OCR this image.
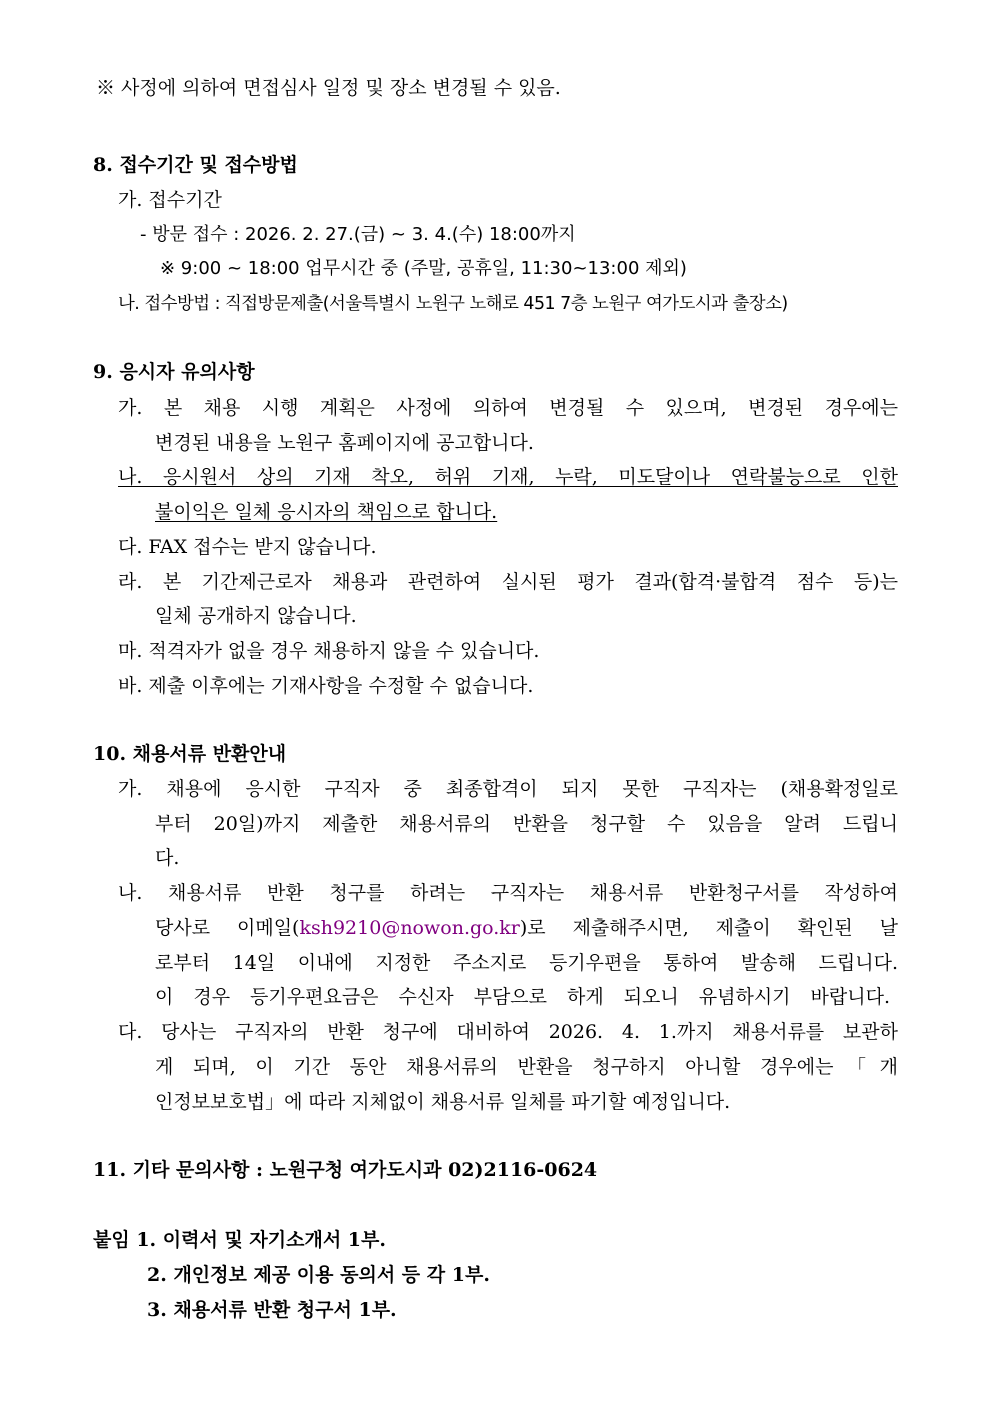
※ 사정에 의하여 면접심사 일정 및 장소 변경될 수 있음.
8. 접수기간 및 접수방법
가. 접수기간
- 방문 접수 : 2026. 2. 27.(금) ~ 3. 4.(수) 18:00까지
※ 9:00 ~ 18:00 업무시간 중 (주말, 공휴일, 11:30~13:00 제외)
나. 접수방법 : 직접방문제출(서울특별시 노원구 노해로 451 7층 노원구 여가도시과 출장소)
9. 응시자 유의사항
가. 본 채용 시행 계획은 사정에 의하여 변경될 수 있으며, 변경된 경우에는
변경된 내용을 노원구 홈페이지에 공고합니다.
나. 응시원서 상의 기재 착오, 허위 기재, 누락, 미도달이나 연락불능으로 인한
불이익은 일체 응시자의 책임으로 합니다.
다. FAX 접수는 받지 않습니다.
라. 본 기간제근로자 채용과 관련하여 실시된 평가 결과(합격·불합격 점수 등)는
일체 공개하지 않습니다.
마. 적격자가 없을 경우 채용하지 않을 수 있습니다.
바. 제출 이후에는 기재사항을 수정할 수 없습니다.
10. 채용서류 반환안내
가. 채용에 응시한 구직자 중 최종합격이 되지 못한 구직자는 (채용확정일로
부터 20일)까지 제출한 채용서류의 반환을 청구할 수 있음을 알려 드립니
다.
나. 채용서류 반환 청구를 하려는 구직자는 채용서류 반환청구서를 작성하여
당사로 이메일(ksh9210@nowon.go.kr)로 제출해주시면, 제출이 확인된 날
로부터 14일 이내에 지정한 주소지로 등기우편을 통하여 발송해 드립니다.
이 경우 등기우편요금은 수신자 부담으로 하게 되오니 유념하시기 바랍니다.
다. 당사는 구직자의 반환 청구에 대비하여 2026. 4. 1.까지 채용서류를 보관하
게 되며, 이 기간 동안 채용서류의 반환을 청구하지 아니할 경우에는「개
인정보보호법」에 따라 지체없이 채용서류 일체를 파기할 예정입니다.
11. 기타 문의사항 : 노원구청 여가도시과 02)2116-0624
붙임 1. 이력서 및 자기소개서 1부.
2. 개인정보 제공 이용 동의서 등 각 1부.
3. 채용서류 반환 청구서 1부.
